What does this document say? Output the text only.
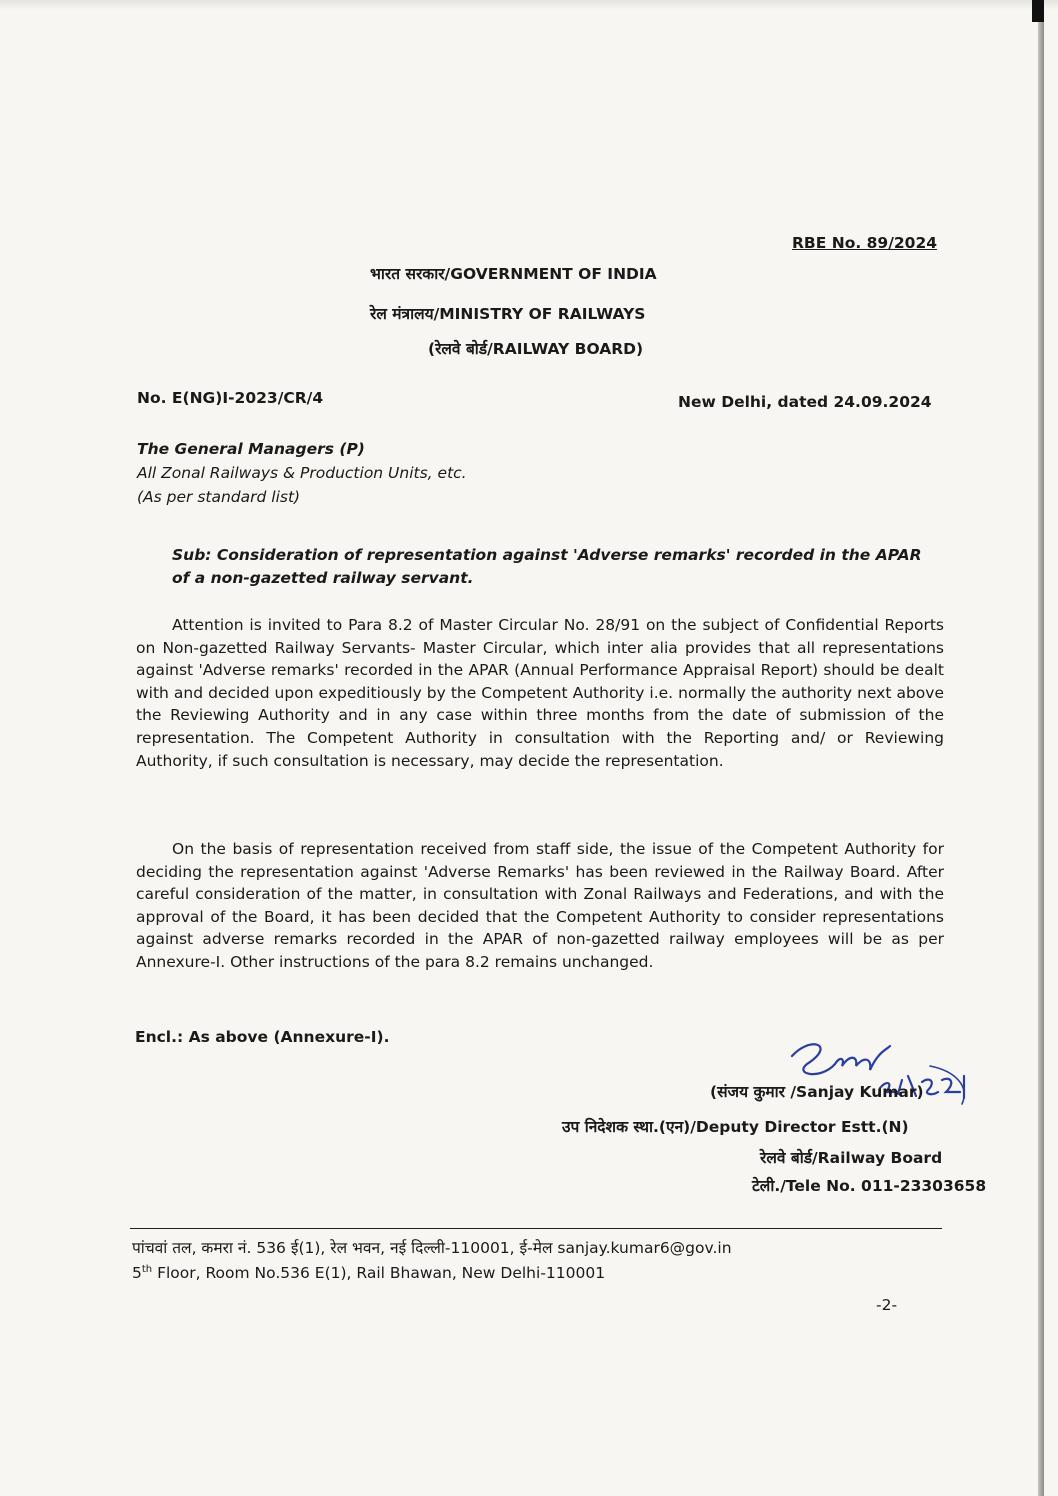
RBE No. 89/2024
भारत सरकार/GOVERNMENT OF INDIA
रेल मंत्रालय/MINISTRY OF RAILWAYS
(रेलवे बोर्ड/RAILWAY BOARD)
No. E(NG)I-2023/CR/4	New Delhi, dated 24.09.2024
The General Managers (P)
All Zonal Railways & Production Units, etc.
(As per standard list)
Sub: Consideration of representation against 'Adverse remarks' recorded in the APAR of a non-gazetted railway servant.
Attention is invited to Para 8.2 of Master Circular No. 28/91 on the subject of Confidential Reports on Non-gazetted Railway Servants- Master Circular, which inter alia provides that all representations against 'Adverse remarks' recorded in the APAR (Annual Performance Appraisal Report) should be dealt with and decided upon expeditiously by the Competent Authority i.e. normally the authority next above the Reviewing Authority and in any case within three months from the date of submission of the representation. The Competent Authority in consultation with the Reporting and/ or Reviewing Authority, if such consultation is necessary, may decide the representation.
On the basis of representation received from staff side, the issue of the Competent Authority for deciding the representation against 'Adverse Remarks' has been reviewed in the Railway Board. After careful consideration of the matter, in consultation with Zonal Railways and Federations, and with the approval of the Board, it has been decided that the Competent Authority to consider representations against adverse remarks recorded in the APAR of non-gazetted railway employees will be as per Annexure-I. Other instructions of the para 8.2 remains unchanged.
Encl.: As above (Annexure-I).
(संजय कुमार /Sanjay Kumar)
उप निदेशक स्था.(एन)/Deputy Director Estt.(N)
रेलवे बोर्ड/Railway Board
टेली./Tele No. 011-23303658
पांचवां तल, कमरा नं. 536 ई(1), रेल भवन, नई दिल्ली-110001, ई-मेल sanjay.kumar6@gov.in
5th Floor, Room No.536 E(1), Rail Bhawan, New Delhi-110001
-2-
